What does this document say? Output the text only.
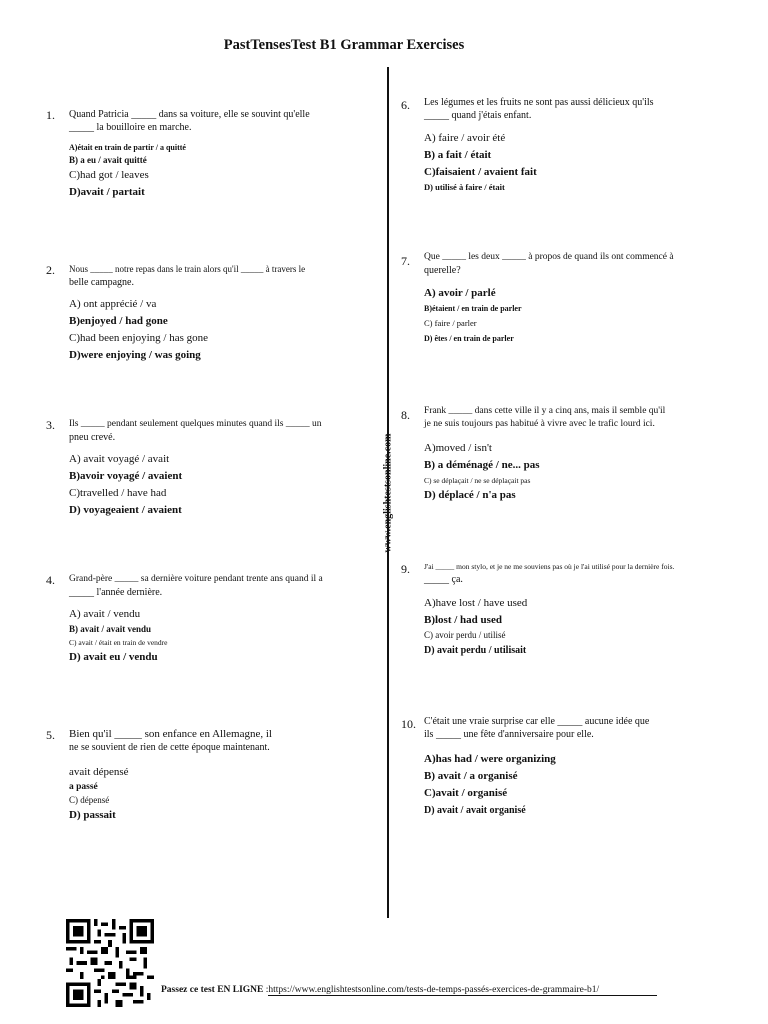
PastTensesTest B1 Grammar Exercises
www.englishtestsonline.com
1. Quand Patricia _____ dans sa voiture, elle se souvint qu'elle
_____ la bouilloire en marche.
A)était en train de partir / a quitté
B) a eu / avait quitté
C)had got / leaves
D)avait / partait
2. Nous _____ notre repas dans le train alors qu'il _____ à travers le
belle campagne.
A) ont apprécié / va
B)enjoyed / had gone
C)had been enjoying / has gone
D)were enjoying / was going
3. Ils _____ pendant seulement quelques minutes quand ils _____ un
pneu crevé.
A) avait voyagé / avait
B)avoir voyagé / avaient
C)travelled / have had
D) voyageaient / avaient
4. Grand-père _____ sa dernière voiture pendant trente ans quand il a
_____ l'année dernière.
A) avait / vendu
B) avait / avait vendu
C) avait / était en train de vendre
D) avait eu / vendu
5. Bien qu'il _____ son enfance en Allemagne, il
ne se souvient de rien de cette époque maintenant.
avait dépensé
a passé
C) dépensé
D) passait
6. Les légumes et les fruits ne sont pas aussi délicieux qu'ils
_____ quand j'étais enfant.
A) faire / avoir été
B) a fait / était
C)faisaient / avaient fait
D) utilisé à faire / était
7. Que _____ les deux _____ à propos de quand ils ont commencé à
querelle?
A) avoir / parlé
B)étaient / en train de parler
C) faire / parler
D) êtes / en train de parler
8. Frank _____ dans cette ville il y a cinq ans, mais il semble qu'il
je ne suis toujours pas habitué à vivre avec le trafic lourd ici.
A)moved / isn't
B) a déménagé / ne... pas
C) se déplaçait / ne se déplaçait pas
D) déplacé / n'a pas
9. J'ai _____ mon stylo, et je ne me souviens pas où je l'ai utilisé pour la dernière fois.
_____ ça.
A)have lost / have used
B)lost / had used
C) avoir perdu / utilisé
D) avait perdu / utilisait
10. C'était une vraie surprise car elle _____ aucune idée que
ils _____ une fête d'anniversaire pour elle.
A)has had / were organizing
B) avait / a organisé
C)avait / organisé
D) avait / avait organisé
Passez ce test EN LIGNE :https://www.englishtestsonline.com/tests-de-temps-passés-exercices-de-grammaire-b1/
